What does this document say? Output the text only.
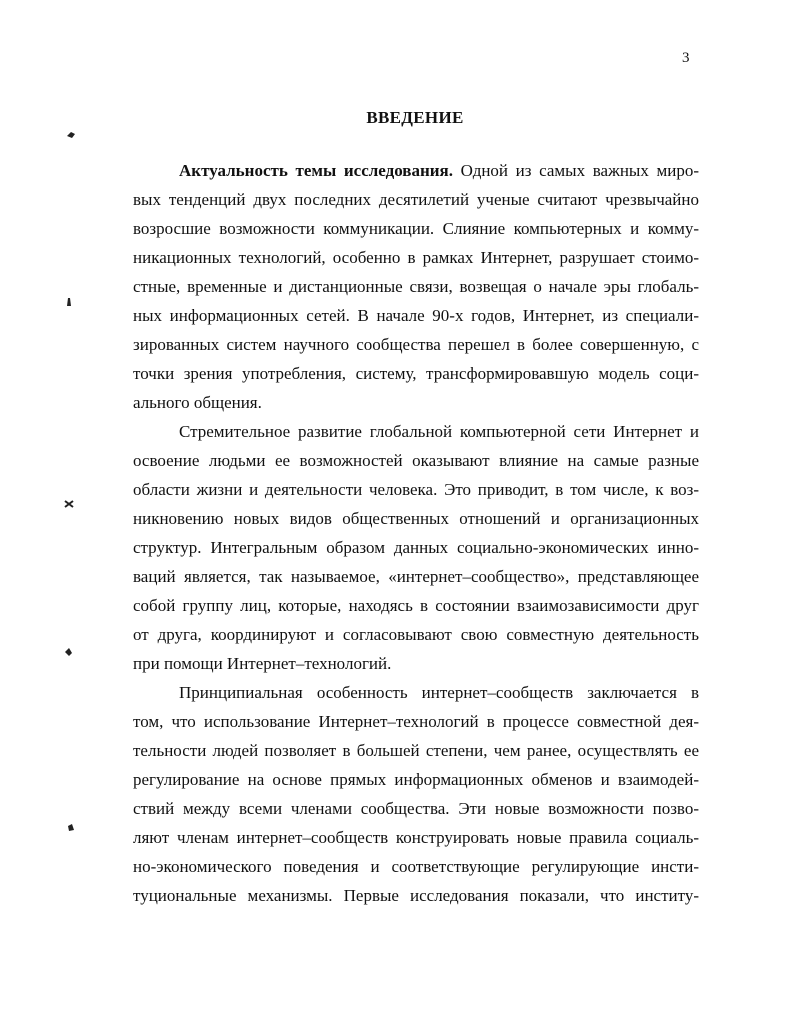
3
ВВЕДЕНИЕ
Актуальность темы исследования. Одной из самых важных миро-
вых тенденций двух последних десятилетий ученые считают чрезвычайно
возросшие возможности коммуникации. Слияние компьютерных и комму-
никационных технологий, особенно в рамках Интернет, разрушает стоимо-
стные, временные и дистанционные связи, возвещая о начале эры глобаль-
ных информационных сетей. В начале 90-х годов, Интернет, из специали-
зированных систем научного сообщества перешел в более совершенную, с
точки зрения употребления, систему, трансформировавшую модель соци-
ального общения.
Стремительное развитие глобальной компьютерной сети Интернет и
освоение людьми ее возможностей оказывают влияние на самые разные
области жизни и деятельности человека. Это приводит, в том числе, к воз-
никновению новых видов общественных отношений и организационных
структур. Интегральным образом данных социально-экономических инно-
ваций является, так называемое, «интернет–сообщество», представляющее
собой группу лиц, которые, находясь в состоянии взаимозависимости друг
от друга, координируют и согласовывают свою совместную деятельность
при помощи Интернет–технологий.
Принципиальная особенность интернет–сообществ заключается в
том, что использование Интернет–технологий в процессе совместной дея-
тельности людей позволяет в большей степени, чем ранее, осуществлять ее
регулирование на основе прямых информационных обменов и взаимодей-
ствий между всеми членами сообщества. Эти новые возможности позво-
ляют членам интернет–сообществ конструировать новые правила социаль-
но-экономического поведения и соответствующие регулирующие инсти-
туциональные механизмы. Первые исследования показали, что институ-
